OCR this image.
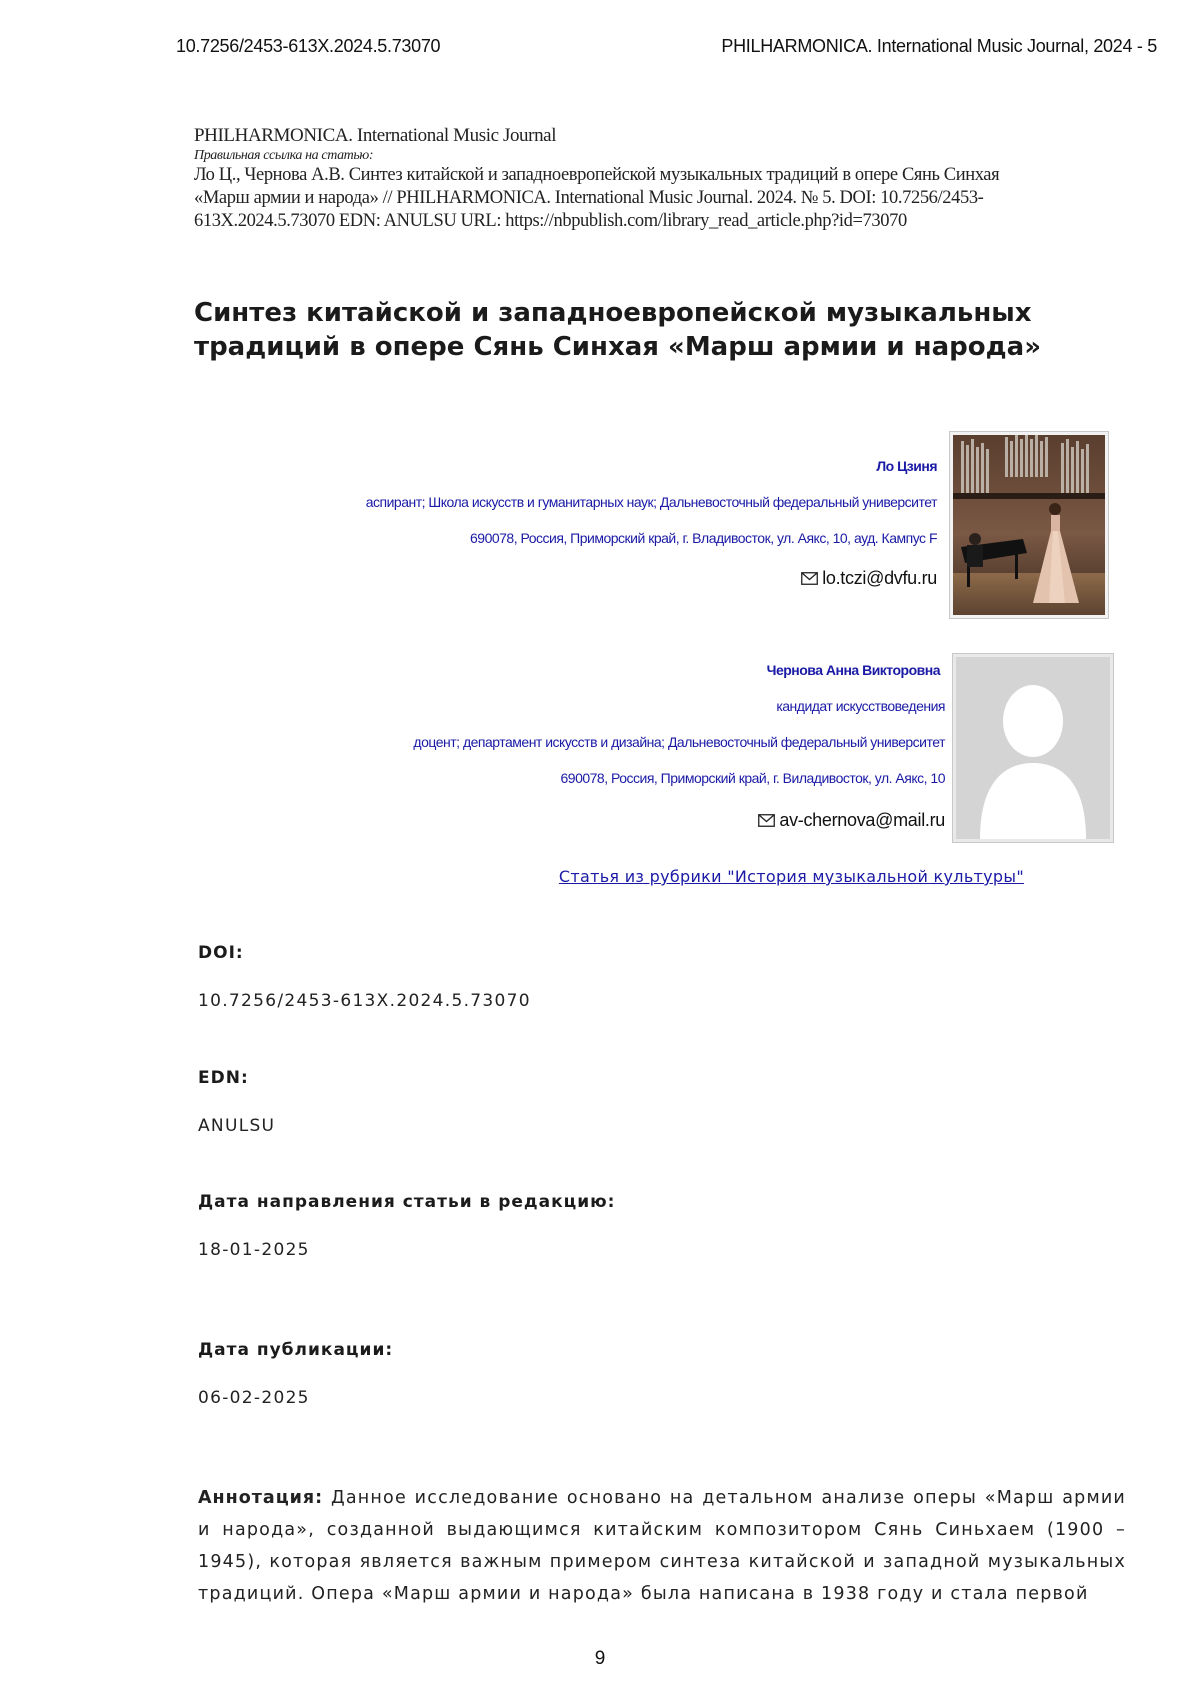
10.7256/2453-613X.2024.5.73070	PHILHARMONICA. International Music Journal, 2024 - 5
PHILHARMONICA. International Music Journal
Правильная ссылка на статью:
Ло Ц., Чернова А.В. Синтез китайской и западноевропейской музыкальных традиций в опере Сянь Синхая
«Марш армии и народа» // PHILHARMONICA. International Music Journal. 2024. № 5. DOI: 10.7256/2453-
613X.2024.5.73070 EDN: ANULSU URL: https://nbpublish.com/library_read_article.php?id=73070
Синтез китайской и западноевропейской музыкальных
традиций в опере Сянь Синхая «Марш армии и народа»
Ло Цзиня
аспирант; Школа искусств и гуманитарных наук; Дальневосточный федеральный университет
690078, Россия, Приморский край, г. Владивосток, ул. Аякс, 10, ауд. Кампус F
lo.tczi@dvfu.ru
Чернова Анна Викторовна
кандидат искусствоведения
доцент; департамент искусств и дизайна; Дальневосточный федеральный университет
690078, Россия, Приморский край, г. Виладивосток, ул. Аякс, 10
av-chernova@mail.ru
Статья из рубрики "История музыкальной культуры"
DOI:
10.7256/2453-613X.2024.5.73070
EDN:
ANULSU
Дата направления статьи в редакцию:
18-01-2025
Дата публикации:
06-02-2025
Аннотация: Данное исследование основано на детальном анализе оперы «Марш армии и народа», созданной выдающимся китайским композитором Сянь Синьхаем (1900 – 1945), которая является важным примером синтеза китайской и западной музыкальных традиций. Опера «Марш армии и народа» была написана в 1938 году и стала первой
9
